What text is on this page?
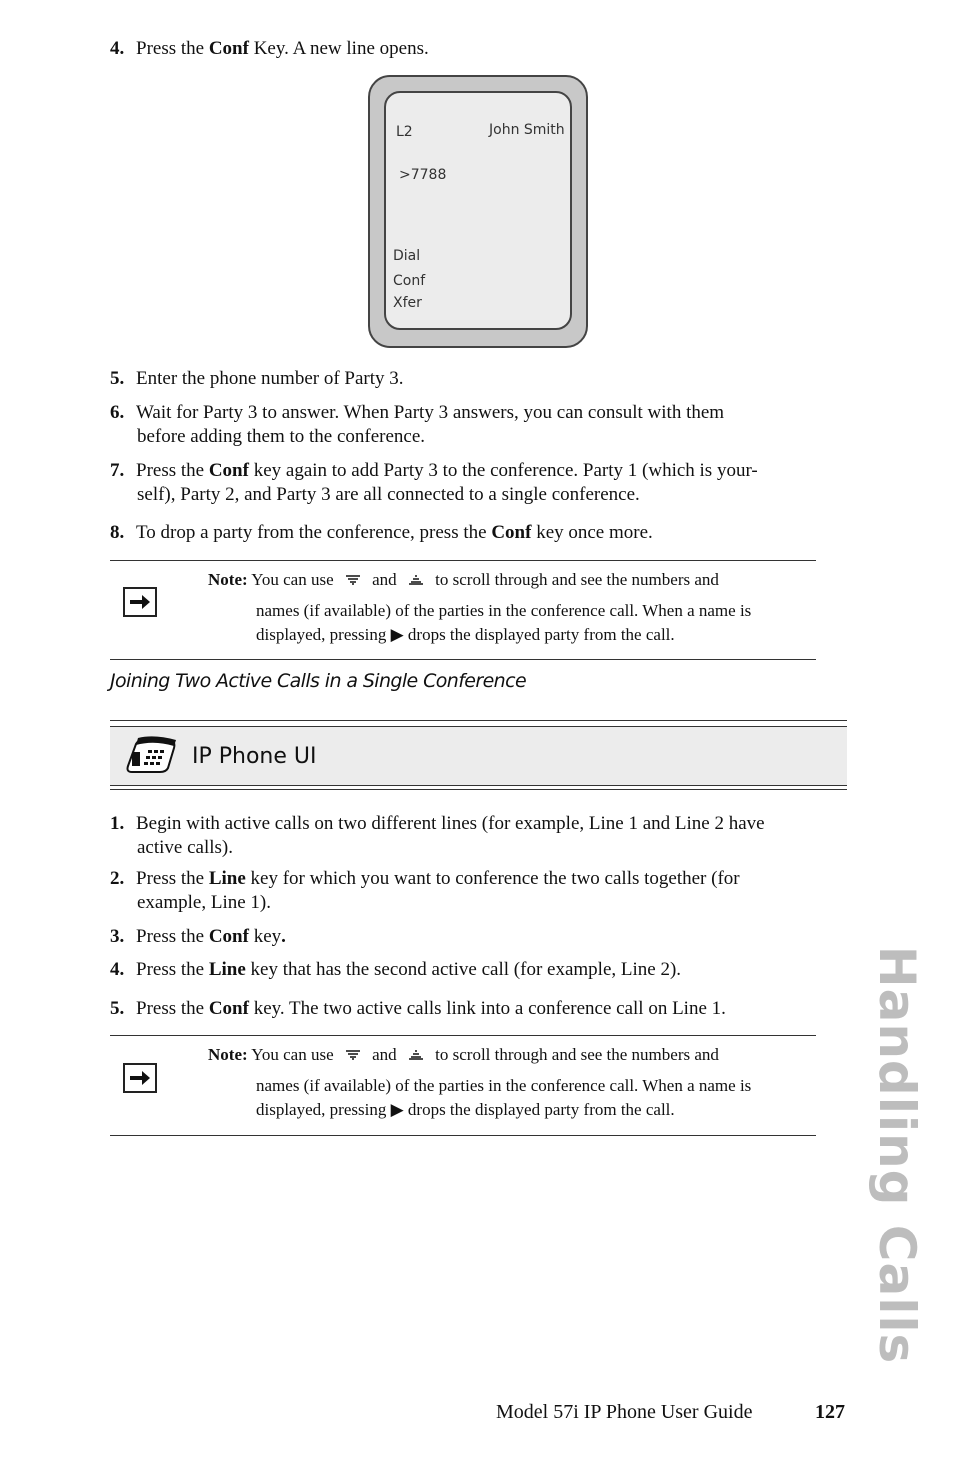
4. Press the Conf Key. A new line opens.
L2	John Smith
>7788
Dial
Conf
Xfer
5. Enter the phone number of Party 3.
6. Wait for Party 3 to answer. When Party 3 answers, you can consult with them
before adding them to the conference.
7. Press the Conf key again to add Party 3 to the conference. Party 1 (which is your-
self), Party 2, and Party 3 are all connected to a single conference.
8. To drop a party from the conference, press the Conf key once more.
Note: You can use and to scroll through and see the numbers and
names (if available) of the parties in the conference call. When a name is
displayed, pressing ▶ drops the displayed party from the call.
Joining Two Active Calls in a Single Conference
IP Phone UI
1. Begin with active calls on two different lines (for example, Line 1 and Line 2 have
active calls).
2. Press the Line key for which you want to conference the two calls together (for
example, Line 1).
3. Press the Conf key.
4. Press the Line key that has the second active call (for example, Line 2).
5. Press the Conf key. The two active calls link into a conference call on Line 1.
Note: You can use and to scroll through and see the numbers and
names (if available) of the parties in the conference call. When a name is
displayed, pressing ▶ drops the displayed party from the call.	Handling Calls
Model 57i IP Phone User Guide	127
